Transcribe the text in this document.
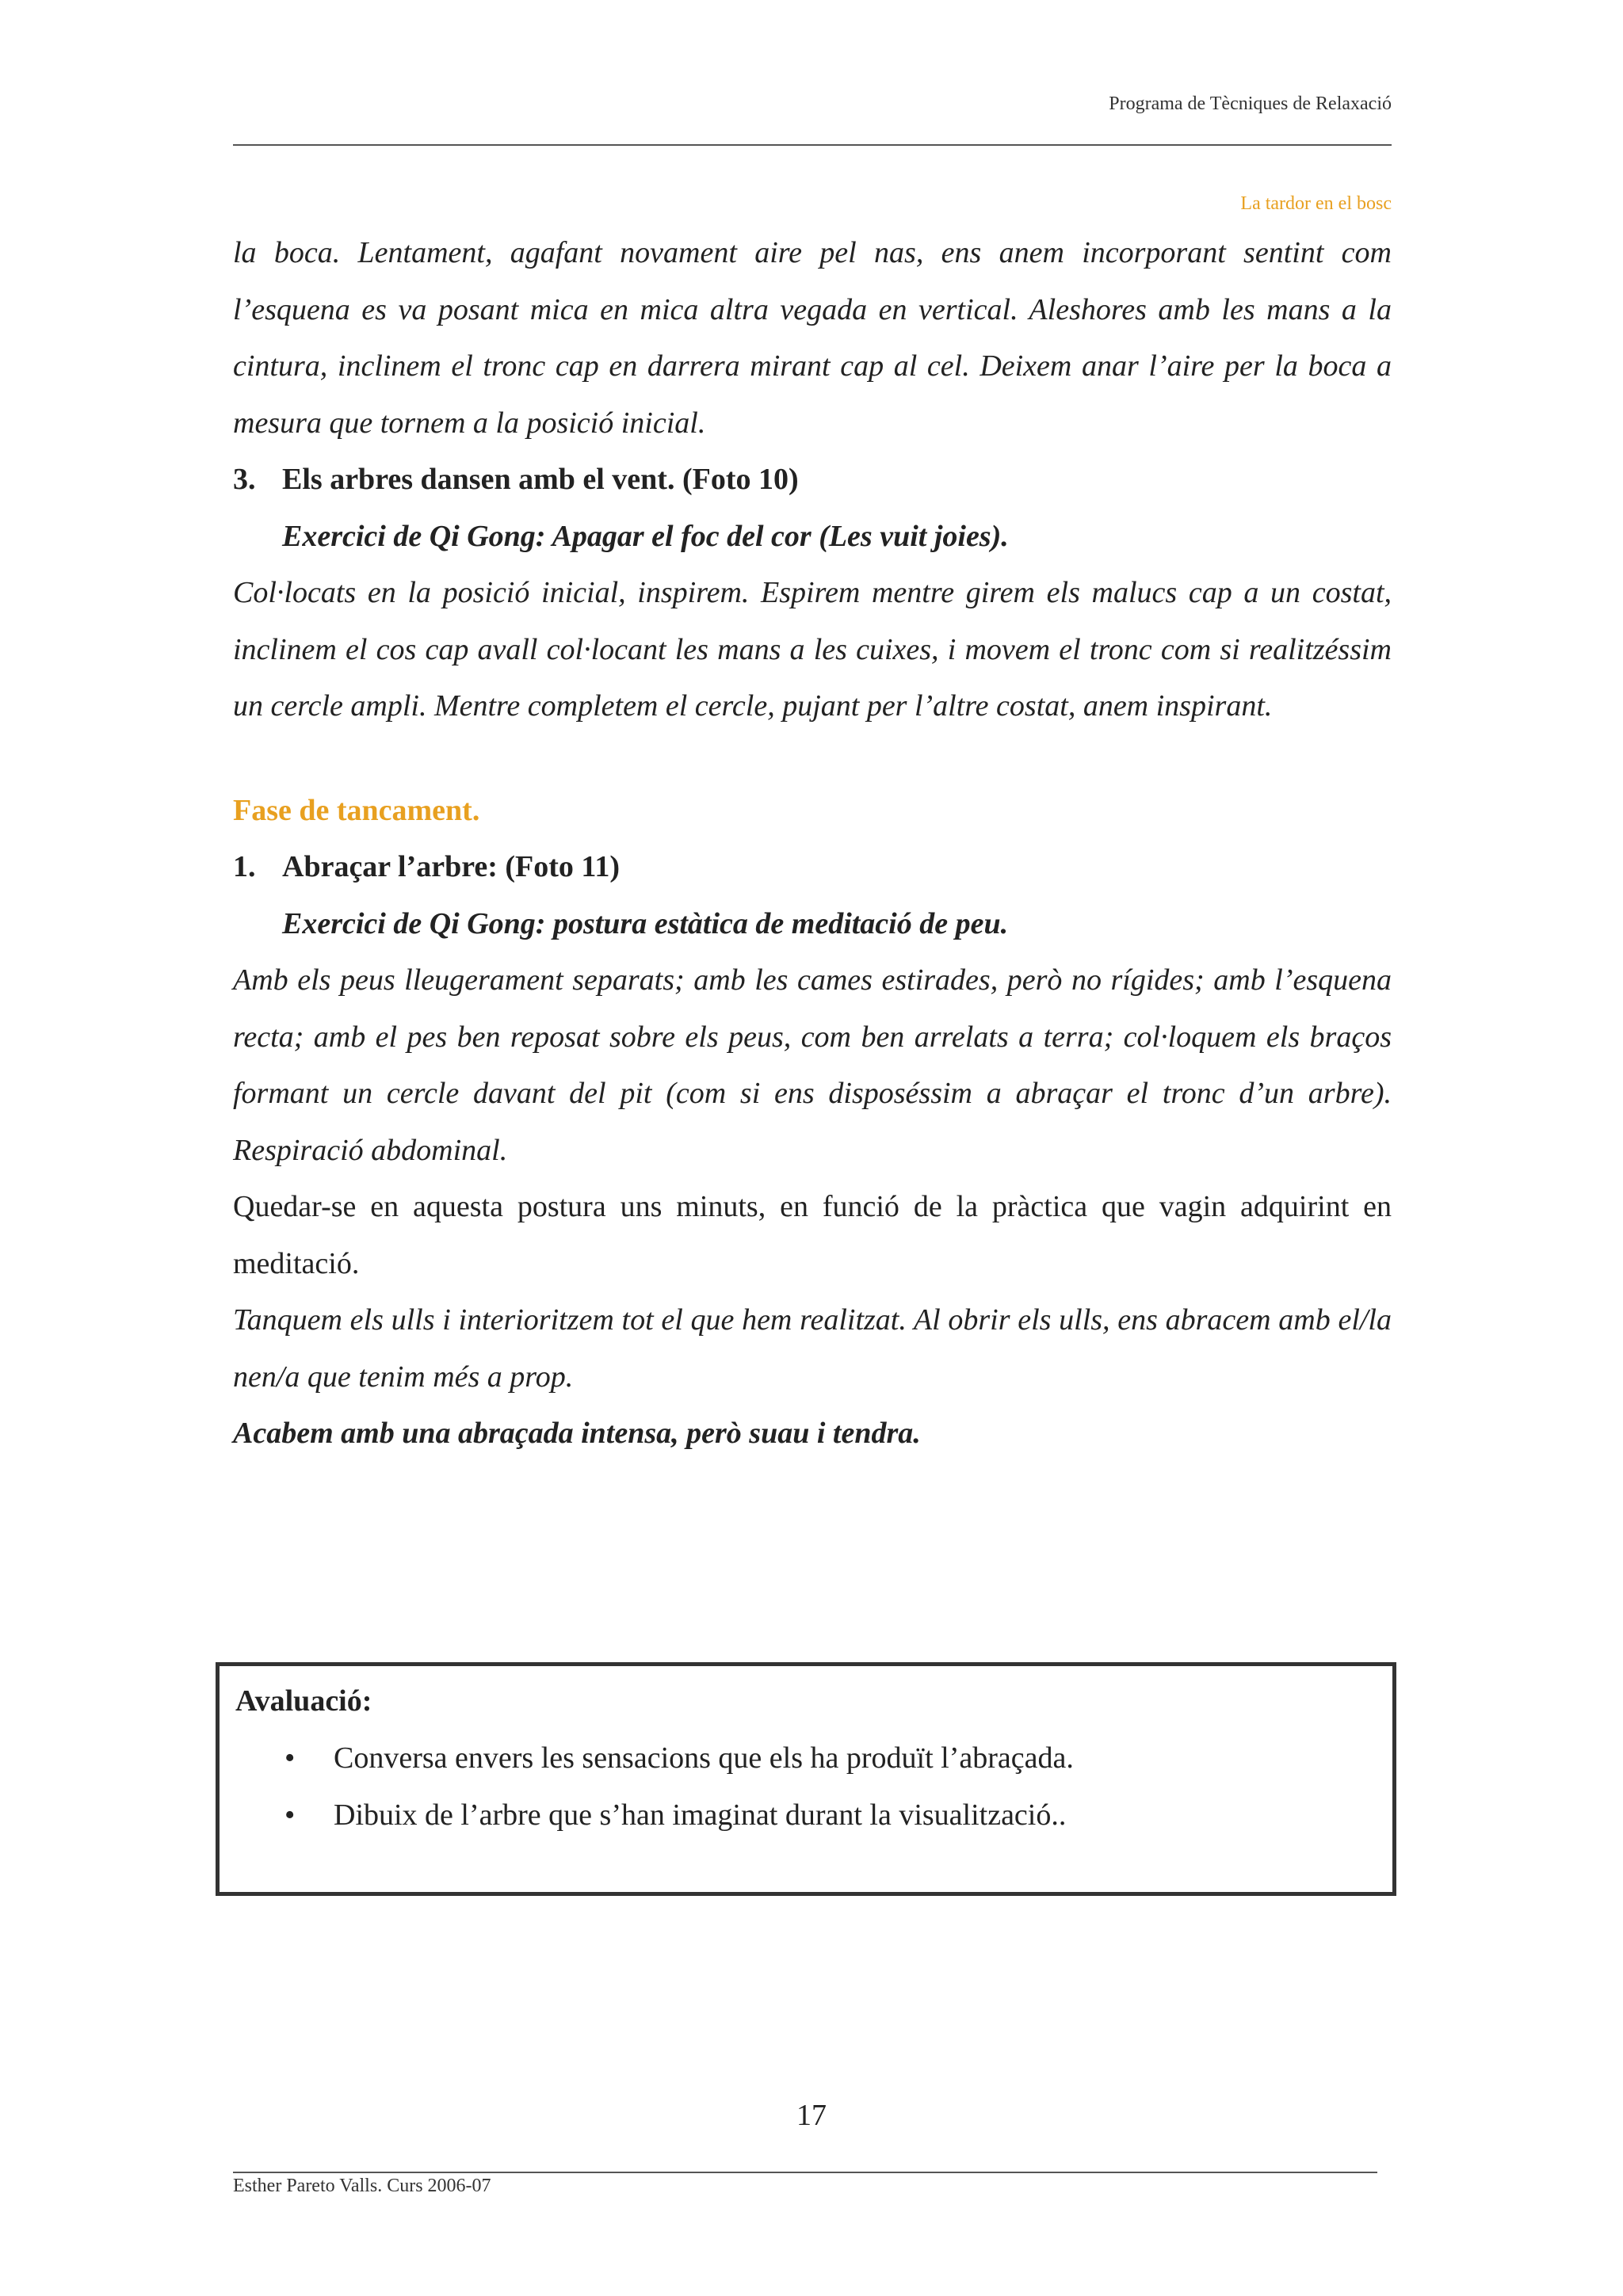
Programa de Tècniques de Relaxació
La tardor en el bosc

la boca. Lentament, agafant novament aire pel nas, ens anem incorporant sentint com l’esquena es va posant mica en mica altra vegada en vertical. Aleshores amb les mans a la cintura, inclinem el tronc cap en darrera mirant cap al cel. Deixem anar l’aire per la boca a mesura que tornem a la posició inicial.

3. Els arbres dansen amb el vent. (Foto 10)

Exercici de Qi Gong: Apagar el foc del cor (Les vuit joies).

Col·locats en la posició inicial, inspirem. Espirem mentre girem els malucs cap a un costat, inclinem el cos cap avall col·locant les mans a les cuixes, i movem el tronc com si realitzéssim un cercle ampli. Mentre completem el cercle, pujant per l’altre costat, anem inspirant.

Fase de tancament.

1. Abraçar l’arbre: (Foto 11)

Exercici de Qi Gong: postura estàtica de meditació de peu.

Amb els peus lleugerament separats; amb les cames estirades, però no rígides; amb l’esquena recta; amb el pes ben reposat sobre els peus, com ben arrelats a terra; col·loquem els braços formant un cercle davant del pit (com si ens disposéssim a abraçar el tronc d’un arbre). Respiració abdominal.

Quedar-se en aquesta postura uns minuts, en funció de la pràctica que vagin adquirint en meditació.

Tanquem els ulls i interioritzem tot el que hem realitzat. Al obrir els ulls, ens abracem amb el/la nen/a que tenim més a prop.

Acabem amb una abraçada intensa, però suau i tendra.

Avaluació:
•	Conversa envers les sensacions que els ha produït l’abraçada.
•	Dibuix de l’arbre que s’han imaginat durant la visualització..
17
Esther Pareto Valls. Curs 2006-07
